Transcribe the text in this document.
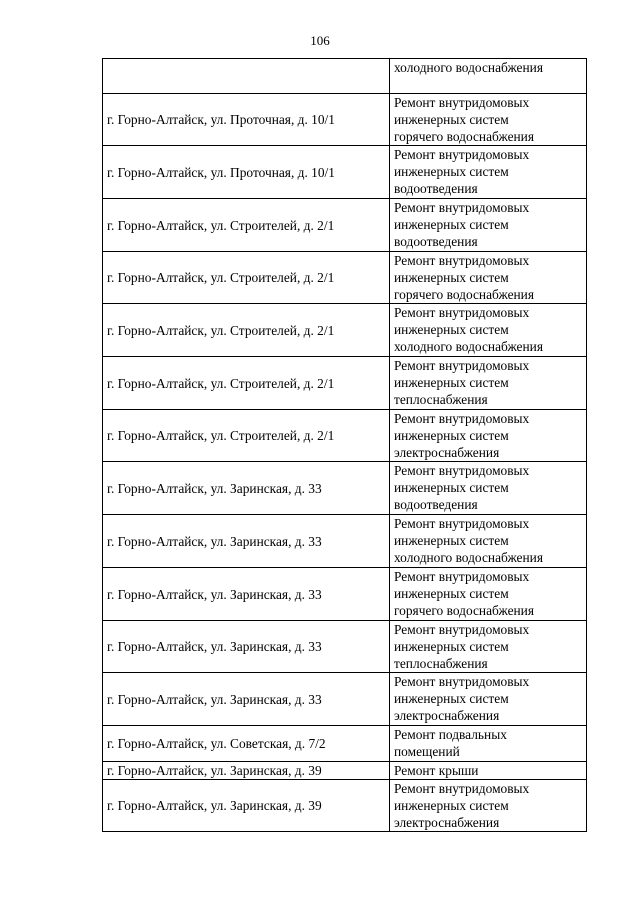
106

	холодного водоснабжения

г. Горно-Алтайск, ул. Проточная, д. 10/1	Ремонт внутридомовых
инженерных систем
горячего водоснабжения

г. Горно-Алтайск, ул. Проточная, д. 10/1	Ремонт внутридомовых
инженерных систем
водоотведения

г. Горно-Алтайск, ул. Строителей, д. 2/1	Ремонт внутридомовых
инженерных систем
водоотведения

г. Горно-Алтайск, ул. Строителей, д. 2/1	Ремонт внутридомовых
инженерных систем
горячего водоснабжения

г. Горно-Алтайск, ул. Строителей, д. 2/1	Ремонт внутридомовых
инженерных систем
холодного водоснабжения

г. Горно-Алтайск, ул. Строителей, д. 2/1	Ремонт внутридомовых
инженерных систем
теплоснабжения

г. Горно-Алтайск, ул. Строителей, д. 2/1	Ремонт внутридомовых
инженерных систем
электроснабжения

г. Горно-Алтайск, ул. Заринская, д. 33	Ремонт внутридомовых
инженерных систем
водоотведения

г. Горно-Алтайск, ул. Заринская, д. 33	Ремонт внутридомовых
инженерных систем
холодного водоснабжения

г. Горно-Алтайск, ул. Заринская, д. 33	Ремонт внутридомовых
инженерных систем
горячего водоснабжения

г. Горно-Алтайск, ул. Заринская, д. 33	Ремонт внутридомовых
инженерных систем
теплоснабжения

г. Горно-Алтайск, ул. Заринская, д. 33	Ремонт внутридомовых
инженерных систем
электроснабжения

г. Горно-Алтайск, ул. Советская, д. 7/2	Ремонт подвальных
помещений

г. Горно-Алтайск, ул. Заринская, д. 39	Ремонт крыши

г. Горно-Алтайск, ул. Заринская, д. 39	Ремонт внутридомовых
инженерных систем
электроснабжения
